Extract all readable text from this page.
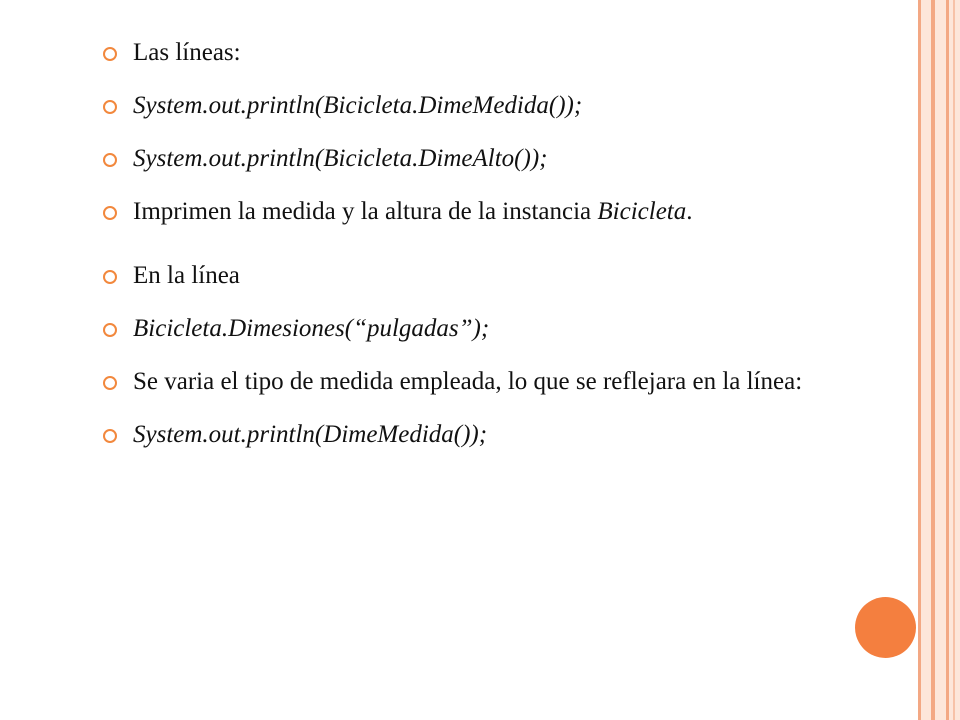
Las líneas:
System.out.println(Bicicleta.DimeMedida());
System.out.println(Bicicleta.DimeAlto());
Imprimen la medida y la altura de la instancia Bicicleta.
En la línea
Bicicleta.Dimesiones(“pulgadas”);
Se varia el tipo de medida empleada, lo que se reflejara en la línea:
System.out.println(DimeMedida());
